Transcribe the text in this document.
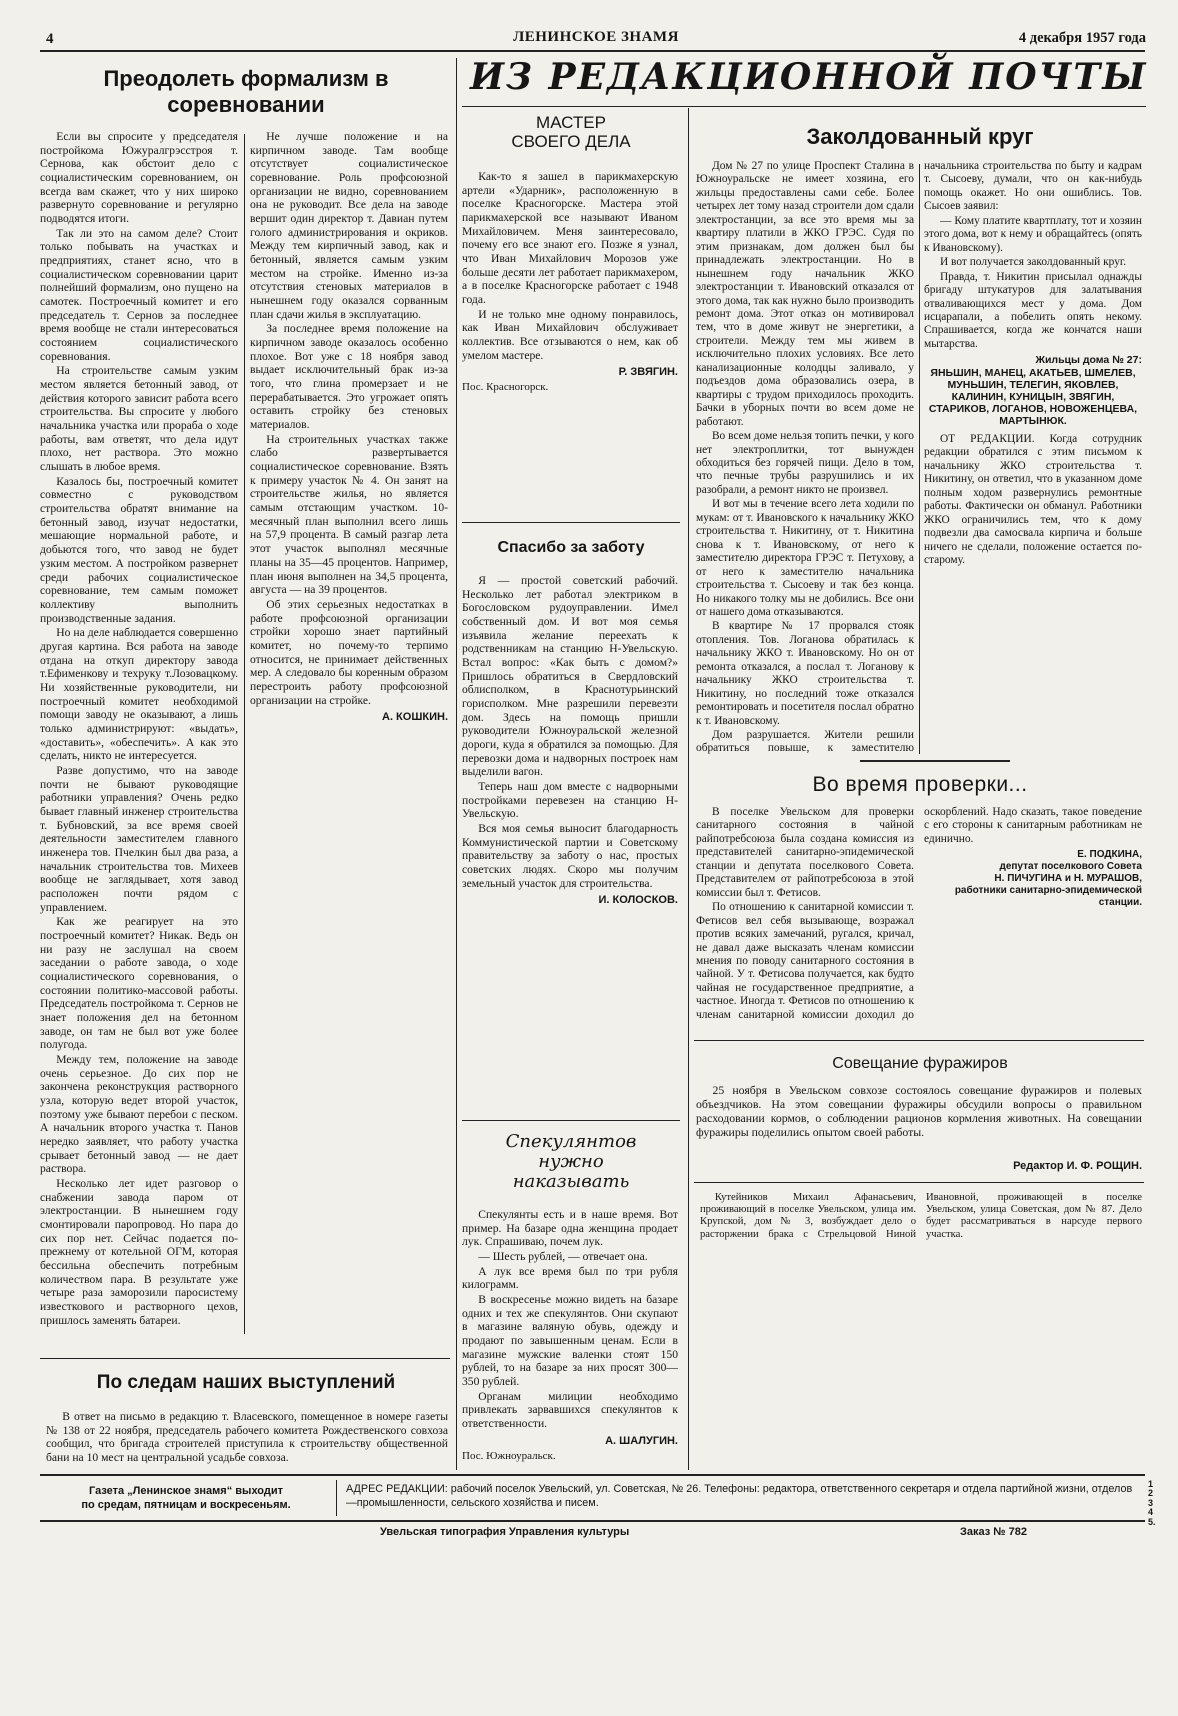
4	ЛЕНИНСКОЕ ЗНАМЯ	4 декабря 1957 года
Преодолеть формализм в соревновании

Если вы спросите у председателя постройкома Южуралгрэсстроя т. Сернова, как обстоит дело с социалистическим соревнованием, он всегда вам скажет, что у них широко развернуто соревнование и регулярно подводятся итоги.

Так ли это на самом деле? Стоит только побывать на участках и предприятиях, станет ясно, что в социалистическом соревновании царит полнейший формализм, оно пущено на самотек. Построечный комитет и его председатель т. Сернов за последнее время вообще не стали интересоваться состоянием социалистического соревнования.

На строительстве самым узким местом является бетонный завод, от действия которого зависит работа всего строительства. Вы спросите у любого начальника участка или прораба о ходе работы, вам ответят, что дела идут плохо, нет раствора. Это можно слышать в любое время.

Казалось бы, построечный комитет совместно с руководством строительства обратят внимание на бетонный завод, изучат недостатки, мешающие нормальной работе, и добьются того, что завод не будет узким местом. А постройком развернет среди рабочих социалистическое соревнование, тем самым поможет коллективу выполнить производственные задания.

Но на деле наблюдается совершенно другая картина. Вся работа на заводе отдана на откуп директору завода т.Ефименкову и техруку т.Лозовацкому. Ни хозяйственные руководители, ни построечный комитет необходимой помощи заводу не оказывают, а лишь только администрируют: «выдать», «доставить», «обеспечить». А как это сделать, никто не интересуется.

Разве допустимо, что на заводе почти не бывают руководящие работники управления? Очень редко бывает главный инженер строительства т. Бубновский, за все время своей деятельности заместителем главного инженера тов. Пчелкин был два раза, а начальник строительства тов. Михеев вообще не заглядывает, хотя завод расположен почти рядом с управлением.

Как же реагирует на это построечный комитет? Никак. Ведь он ни разу не заслушал на своем заседании о работе завода, о ходе социалистического соревнования, о состоянии политико-массовой работы. Председатель постройкома т. Сернов не знает положения дел на бетонном заводе, он там не был вот уже более полугода.

Между тем, положение на заводе очень серьезное. До сих пор не закончена реконструкция растворного узла, которую ведет второй участок, поэтому уже бывают перебои с песком. А начальник второго участка т. Панов нередко заявляет, что работу участка срывает бетонный завод — не дает раствора.

Несколько лет идет разговор о снабжении завода паром от электростанции. В нынешнем году смонтировали паропровод. Но пара до сих пор нет. Сейчас подается по-прежнему от котельной ОГМ, которая бессильна обеспечить потребным количеством пара. В результате уже четыре раза заморозили паросистему известкового и растворного цехов, пришлось заменять батареи.

Не лучше положение и на кирпичном заводе. Там вообще отсутствует социалистическое соревнование. Роль профсоюзной организации не видно, соревнованием она не руководит. Все дела на заводе вершит один директор т. Давиан путем голого администрирования и окриков. Между тем кирпичный завод, как и бетонный, является самым узким местом на стройке. Именно из-за отсутствия стеновых материалов в нынешнем году оказался сорванным план сдачи жилья в эксплуатацию.

За последнее время положение на кирпичном заводе оказалось особенно плохое. Вот уже с 18 ноября завод выдает исключительный брак из-за того, что глина промерзает и не перерабатывается. Это угрожает опять оставить стройку без стеновых материалов.

На строительных участках также слабо развертывается социалистическое соревнование. Взять к примеру участок № 4. Он занят на строительстве жилья, но является самым отстающим участком. 10-месячный план выполнил всего лишь на 57,9 процента. В самый разгар лета этот участок выполнял месячные планы на 35—45 процентов. Например, план июня выполнен на 34,5 процента, августа — на 39 процентов.

Об этих серьезных недостатках в работе профсоюзной организации стройки хорошо знает партийный комитет, но почему-то терпимо относится, не принимает действенных мер. А следовало бы коренным образом перестроить работу профсоюзной организации на стройке.

А. КОШКИН.
По следам наших выступлений
В ответ на письмо в редакцию т. Власевского, помещенное в номере газеты № 138 от 22 ноября, председатель рабочего комитета Рождественского совхоза сообщил, что бригада строителей приступила к строительству общественной бани на 10 мест на центральной усадьбе совхоза.
ИЗ РЕДАКЦИОННОЙ ПОЧТЫ
МАСТЕР
СВОЕГО ДЕЛА

Как-то я зашел в парикмахерскую артели «Ударник», расположенную в поселке Красногорске. Мастера этой парикмахерской все называют Иваном Михайловичем. Меня заинтересовало, почему его все знают его. Позже я узнал, что Иван Михайлович Морозов уже больше десяти лет работает парикмахером, а в поселке Красногорске работает с 1948 года.

И не только мне одному понравилось, как Иван Михайлович обслуживает коллектив. Все отзываются о нем, как об умелом мастере.

Р. ЗВЯГИН.
Пос. Красногорск.
Спасибо за заботу

Я — простой советский рабочий. Несколько лет работал электриком в Богословском рудоуправлении. Имел собственный дом. И вот моя семья изъявила желание переехать к родственникам на станцию Н-Увельскую. Встал вопрос: «Как быть с домом?» Пришлось обратиться в Свердловский облисполком, в Краснотурьинский горисполком. Мне разрешили перевезти дом. Здесь на помощь пришли руководители Южноуральской железной дороги, куда я обратился за помощью. Для перевозки дома и надворных построек нам выделили вагон.

Теперь наш дом вместе с надворными постройками перевезен на станцию Н-Увельскую.

Вся моя семья выносит благодарность Коммунистической партии и Советскому правительству за заботу о нас, простых советских людях. Скоро мы получим земельный участок для строительства.

И. КОЛОСКОВ.
Спекулянтов
нужно
наказывать

Спекулянты есть и в наше время. Вот пример. На базаре одна женщина продает лук. Спрашиваю, почем лук.

— Шесть рублей, — отвечает она.

А лук все время был по три рубля килограмм.

В воскресенье можно видеть на базаре одних и тех же спекулянтов. Они скупают в магазине валяную обувь, одежду и продают по завышенным ценам. Если в магазине мужские валенки стоят 150 рублей, то на базаре за них просят 300—350 рублей.

Органам милиции необходимо привлекать зарвавшихся спекулянтов к ответственности.

А. ШАЛУГИН.
Пос. Южноуральск.
Заколдованный круг

Дом № 27 по улице Проспект Сталина в Южноуральске не имеет хозяина, его жильцы предоставлены сами себе. Более четырех лет тому назад строители дом сдали электростанции, за все это время мы за квартиру платили в ЖКО ГРЭС. Судя по этим признакам, дом должен был бы принадлежать электростанции. Но в нынешнем году начальник ЖКО электростанции т. Ивановский отказался от этого дома, так как нужно было производить ремонт дома. Этот отказ он мотивировал тем, что в доме живут не энергетики, а строители. Между тем мы живем в исключительно плохих условиях. Все лето канализационные колодцы заливало, у подъездов дома образовались озера, в квартиры с трудом приходилось проходить. Бачки в уборных почти во всем доме не работают.

Во всем доме нельзя топить печки, у кого нет электроплитки, тот вынужден обходиться без горячей пищи. Дело в том, что печные трубы разрушились и их разобрали, а ремонт никто не произвел.

И вот мы в течение всего лета ходили по мукам: от т. Ивановского к начальнику ЖКО строительства т. Никитину, от т. Никитина снова к т. Ивановскому, от него к заместителю директора ГРЭС т. Петухову, а от него к заместителю начальника строительства т. Сысоеву и так без конца. Но никакого толку мы не добились. Все они от нашего дома отказываются.

В квартире № 17 прорвался стояк отопления. Тов. Логанова обратилась к начальнику ЖКО т. Ивановскому. Но он от ремонта отказался, а послал т. Логанову к начальнику ЖКО строительства т. Никитину, но последний тоже отказался ремонтировать и посетителя послал обратно к т. Ивановскому.

Дом разрушается. Жители решили обратиться повыше, к заместителю начальника строительства по быту и кадрам т. Сысоеву, думали, что он как-нибудь помощь окажет. Но они ошиблись. Тов. Сысоев заявил:

— Кому платите квартплату, тот и хозяин этого дома, вот к нему и обращайтесь (опять к Ивановскому).

И вот получается заколдованный круг.

Правда, т. Никитин присылал однажды бригаду штукатуров для залатывания отваливающихся мест у дома. Дом исцарапали, а побелить опять некому. Спрашивается, когда же кончатся наши мытарства.

Жильцы дома № 27:
ЯНЬШИН, МАНЕЦ, АКАТЬЕВ, ШМЕЛЕВ, МУНЬШИН, ТЕЛЕГИН, ЯКОВЛЕВ, КАЛИНИН, КУНИЦЫН, ЗВЯГИН, СТАРИКОВ, ЛОГАНОВ, НОВОЖЕНЦЕВА, МАРТЫНЮК.

ОТ РЕДАКЦИИ. Когда сотрудник редакции обратился с этим письмом к начальнику ЖКО строительства т. Никитину, он ответил, что в указанном доме полным ходом развернулись ремонтные работы. Фактически он обманул. Работники ЖКО ограничились тем, что к дому подвезли два самосвала кирпича и больше ничего не сделали, положение остается по-старому.

Во время проверки...

В поселке Увельском для проверки санитарного состояния в чайной райпотребсоюза была создана комиссия из представителей санитарно-эпидемической станции и депутата поселкового Совета. Представителем от райпотребсоюза в этой комиссии был т. Фетисов.

По отношению к санитарной комиссии т. Фетисов вел себя вызывающе, возражал против всяких замечаний, ругался, кричал, не давал даже высказать членам комиссии мнения по поводу санитарного состояния в чайной. У т. Фетисова получается, как будто чайная не государственное предприятие, а частное. Иногда т. Фетисов по отношению к членам санитарной комиссии доходил до оскорблений. Надо сказать, такое поведение с его стороны к санитарным работникам не единично.

Е. ПОДКИНА,
депутат поселкового Совета
Н. ПИЧУГИНА и Н. МУРАШОВ,
работники санитарно-эпидемической станции.
Совещание фуражиров
25 ноября в Увельском совхозе состоялось совещание фуражиров и полевых объездчиков. На этом совещании фуражиры обсудили вопросы о правильном расходовании кормов, о соблюдении рационов кормления животных. На совещании фуражиры поделились опытом своей работы.
Редактор И. Ф. РОЩИН.

Кутейников Михаил Афанасьевич, проживающий в поселке Увельском, улица им. Крупской, дом № 3, возбуждает дело о расторжении брака с Стрельцовой Ниной Ивановной, проживающей в поселке Увельском, улица Советская, дом № 87. Дело будет рассматриваться в нарсуде первого участка.

Газета „Ленинское знамя“ выходит
по средам, пятницам и воскресеньям.
АДРЕС РЕДАКЦИИ: рабочий поселок Увельский, ул. Советская, № 26. Телефоны: редактора, ответственного секретаря и отдела партийной жизни, отделов—промышленности, сельского хозяйства и писем.
Увельская типография Управления культуры	Заказ № 782
1 2 3 4 5.
